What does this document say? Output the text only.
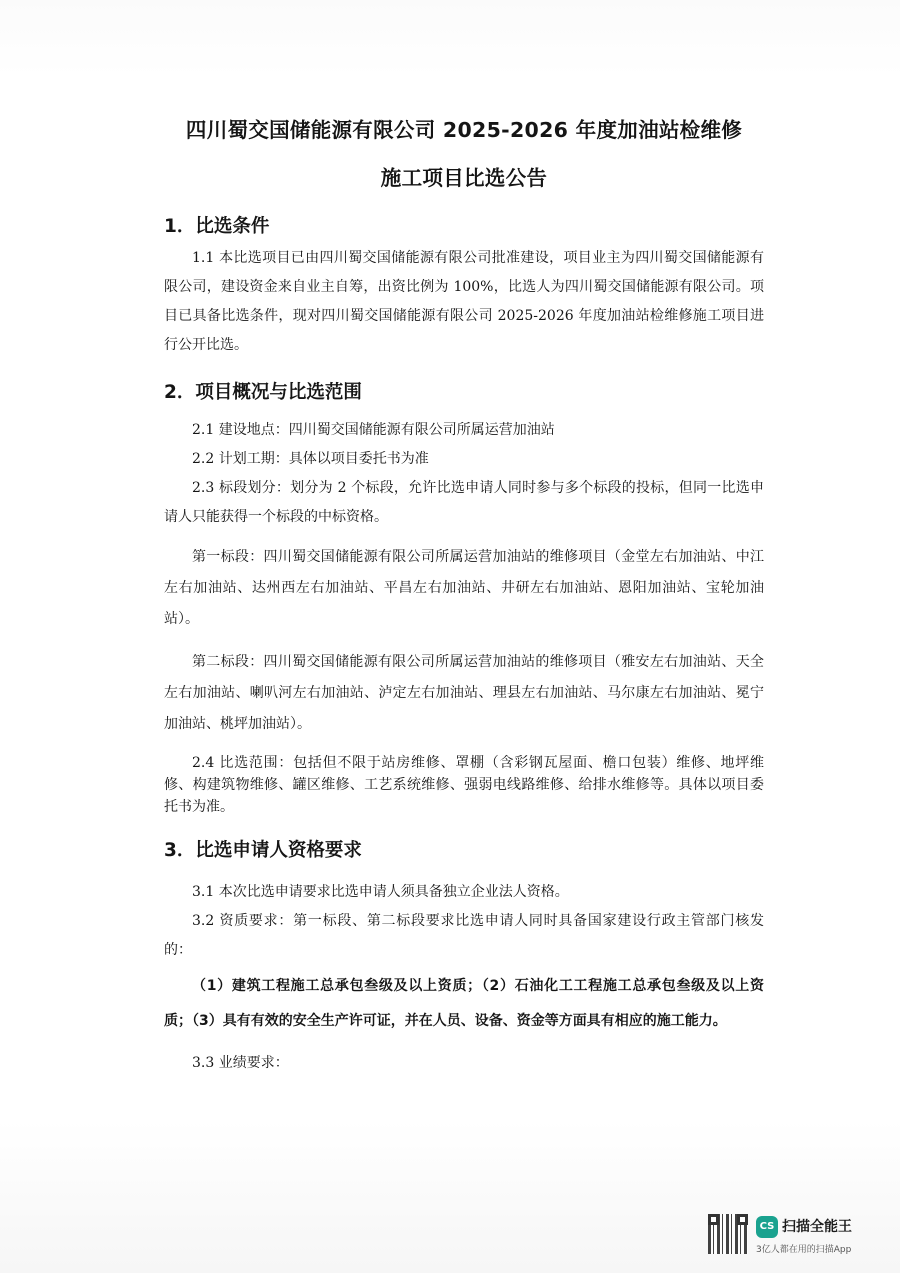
四川蜀交国储能源有限公司 2025-2026 年度加油站检维修
施工项目比选公告
1．比选条件

1.1 本比选项目已由四川蜀交国储能源有限公司批准建设，项目业主为四川蜀交国储能源有限公司，建设资金来自业主自筹，出资比例为 100%，比选人为四川蜀交国储能源有限公司。项目已具备比选条件，现对四川蜀交国储能源有限公司 2025-2026 年度加油站检维修施工项目进行公开比选。

2．项目概况与比选范围

2.1 建设地点：四川蜀交国储能源有限公司所属运营加油站

2.2 计划工期：具体以项目委托书为准

2.3 标段划分：划分为 2 个标段，允许比选申请人同时参与多个标段的投标，但同一比选申请人只能获得一个标段的中标资格。

第一标段：四川蜀交国储能源有限公司所属运营加油站的维修项目（金堂左右加油站、中江左右加油站、达州西左右加油站、平昌左右加油站、井研左右加油站、恩阳加油站、宝轮加油站）。

第二标段：四川蜀交国储能源有限公司所属运营加油站的维修项目（雅安左右加油站、天全左右加油站、喇叭河左右加油站、泸定左右加油站、理县左右加油站、马尔康左右加油站、冕宁加油站、桃坪加油站）。

2.4 比选范围：包括但不限于站房维修、罩棚（含彩钢瓦屋面、檐口包装）维修、地坪维修、构建筑物维修、罐区维修、工艺系统维修、强弱电线路维修、给排水维修等。具体以项目委托书为准。

3．比选申请人资格要求

3.1 本次比选申请要求比选申请人须具备独立企业法人资格。

3.2 资质要求：第一标段、第二标段要求比选申请人同时具备国家建设行政主管部门核发的：

（1）建筑工程施工总承包叁级及以上资质；（2）石油化工工程施工总承包叁级及以上资质；（3）具有有效的安全生产许可证，并在人员、设备、资金等方面具有相应的施工能力。

3.3 业绩要求：

CS 扫描全能王
3亿人都在用的扫描App
